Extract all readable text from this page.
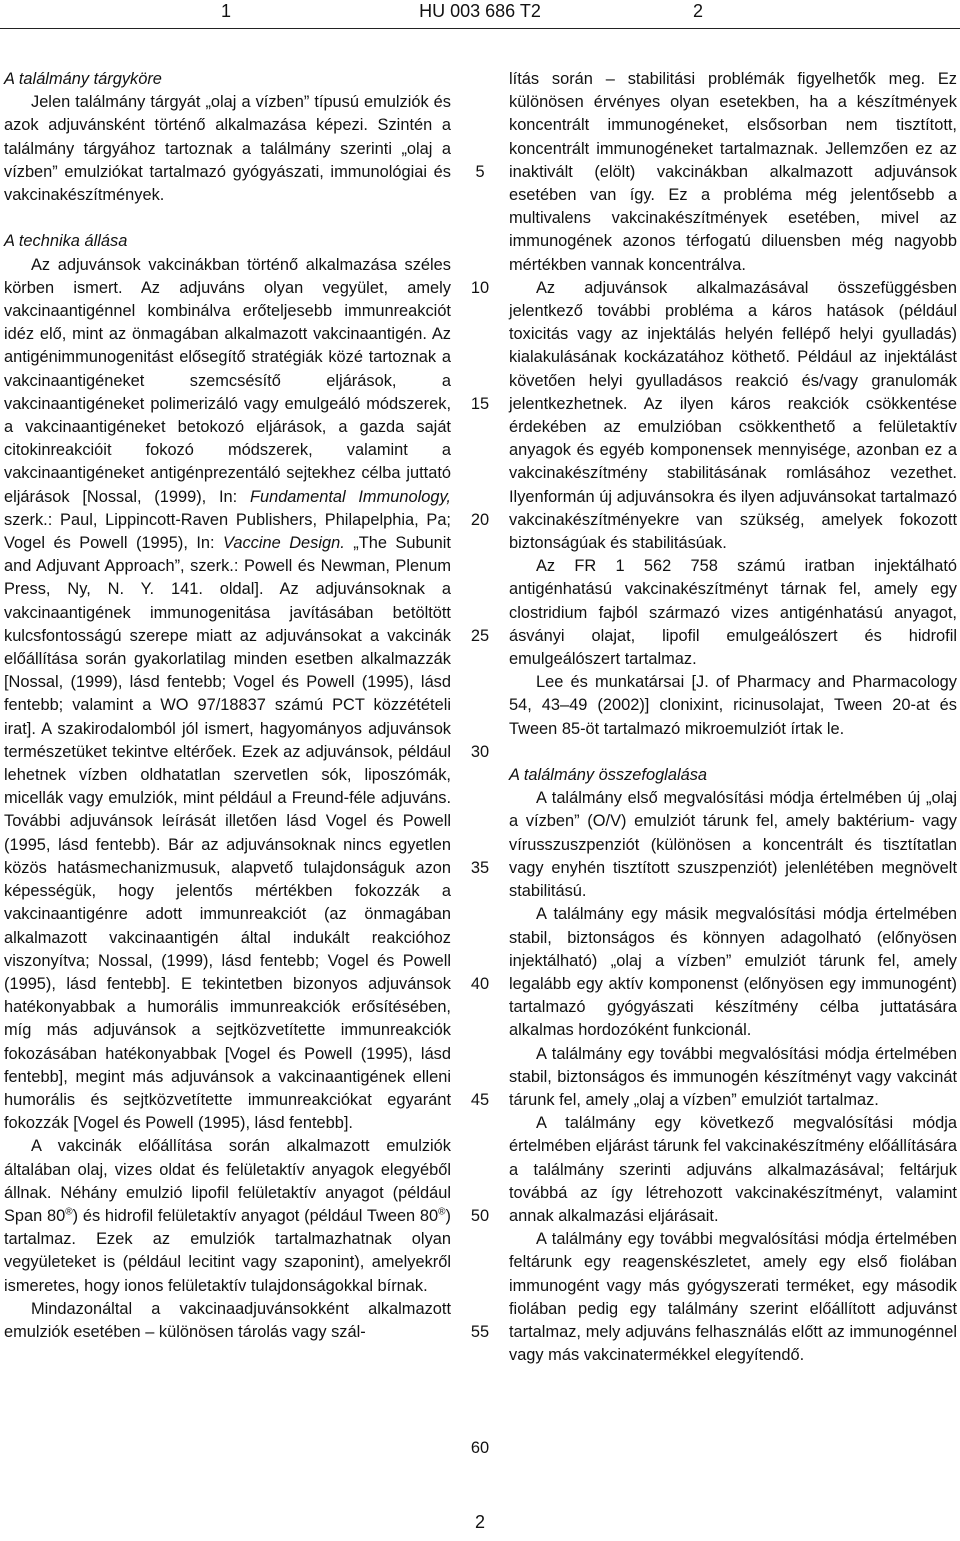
1	HU 003 686 T2	2
A találmány tárgyköre

Jelen találmány tárgyát „olaj a vízben” típusú emulziók és azok adjuvánsként történő alkalmazása képezi. Szintén a találmány tárgyához tartoznak a találmány szerinti „olaj a vízben” emulziókat tartalmazó gyógyászati, immunológiai és vakcinakészítmények.

A technika állása

Az adjuvánsok vakcinákban történő alkalmazása széles körben ismert. Az adjuváns olyan vegyület, amely vakcinaantigénnel kombinálva erőteljesebb immunreakciót idéz elő, mint az önmagában alkalmazott vakcinaantigén. Az antigénimmunogenitást elősegítő stratégiák közé tartoznak a vakcinaantigéneket szemcsésítő eljárások, a vakcinaantigéneket polimerizáló vagy emulgeáló módszerek, a vakcinaantigéneket betokozó eljárások, a gazda saját citokinreakcióit fokozó módszerek, valamint a vakcinaantigéneket antigénprezentáló sejtekhez célba juttató eljárások [Nossal, (1999), In: Fundamental Immunology, szerk.: Paul, Lippincott-Raven Publishers, Philapelphia, Pa; Vogel és Powell (1995), In: Vaccine Design. „The Subunit and Adjuvant Approach”, szerk.: Powell és Newman, Plenum Press, Ny, N. Y. 141. oldal]. Az adjuvánsoknak a vakcinaantigének immunogenitása javításában betöltött kulcsfontosságú szerepe miatt az adjuvánsokat a vakcinák előállítása során gyakorlatilag minden esetben alkalmazzák [Nossal, (1999), lásd fentebb; Vogel és Powell (1995), lásd fentebb; valamint a WO 97/18837 számú PCT közzétételi irat]. A szakirodalomból jól ismert, hagyományos adjuvánsok természetüket tekintve eltérőek. Ezek az adjuvánsok, például lehetnek vízben oldhatatlan szervetlen sók, liposzómák, micellák vagy emulziók, mint például a Freund-féle adjuváns. További adjuvánsok leírását illetően lásd Vogel és Powell (1995, lásd fentebb). Bár az adjuvánsoknak nincs egyetlen közös hatásmechanizmusuk, alapvető tulajdonságuk azon képességük, hogy jelentős mértékben fokozzák a vakcinaantigénre adott immunreakciót (az önmagában alkalmazott vakcinaantigén által indukált reakcióhoz viszonyítva; Nossal, (1999), lásd fentebb; Vogel és Powell (1995), lásd fentebb]. E tekintetben bizonyos adjuvánsok hatékonyabbak a humorális immunreakciók erősítésében, míg más adjuvánsok a sejtközvetítette immunreakciók fokozásában hatékonyabbak [Vogel és Powell (1995), lásd fentebb], megint más adjuvánsok a vakcinaantigének elleni humorális és sejtközvetítette immunreakciókat egyaránt fokozzák [Vogel és Powell (1995), lásd fentebb].

A vakcinák előállítása során alkalmazott emulziók általában olaj, vizes oldat és felületaktív anyagok elegyéből állnak. Néhány emulzió lipofil felületaktív anyagot (például Span 80®) és hidrofil felületaktív anyagot (például Tween 80®) tartalmaz. Ezek az emulziók tartalmazhatnak olyan vegyületeket is (például lecitint vagy szaponint), amelyekről ismeretes, hogy ionos felületaktív tulajdonságokkal bírnak.

Mindazonáltal a vakcinaadjuvánsokként alkalmazott emulziók esetében – különösen tárolás vagy szál-

lítás során – stabilitási problémák figyelhetők meg. Ez különösen érvényes olyan esetekben, ha a készítmények koncentrált immunogéneket, elsősorban nem tisztított, koncentrált immunogéneket tartalmaznak. Jellemzően ez az inaktivált (elölt) vakcinákban alkalmazott adjuvánsok esetében van így. Ez a probléma még jelentősebb a multivalens vakcinakészítmények esetében, mivel az immunogének azonos térfogatú diluensben még nagyobb mértékben vannak koncentrálva.

Az adjuvánsok alkalmazásával összefüggésben jelentkező további probléma a káros hatások (például toxicitás vagy az injektálás helyén fellépő helyi gyulladás) kialakulásának kockázatához köthető. Például az injektálást követően helyi gyulladásos reakció és/vagy granulomák jelentkezhetnek. Az ilyen káros reakciók csökkentése érdekében az emulzióban csökkenthető a felületaktív anyagok és egyéb komponensek mennyisége, azonban ez a vakcinakészítmény stabilitásának romlásához vezethet. Ilyenformán új adjuvánsokra és ilyen adjuvánsokat tartalmazó vakcinakészítményekre van szükség, amelyek fokozott biztonságúak és stabilitásúak.

Az FR 1 562 758 számú iratban injektálható antigénhatású vakcinakészítményt tárnak fel, amely egy clostridium fajból származó vizes antigénhatású anyagot, ásványi olajat, lipofil emulgeálószert és hidrofil emulgeálószert tartalmaz.

Lee és munkatársai [J. of Pharmacy and Pharmacology 54, 43–49 (2002)] clonixint, ricinusolajat, Tween 20-at és Tween 85-öt tartalmazó mikroemulziót írtak le.

A találmány összefoglalása

A találmány első megvalósítási módja értelmében új „olaj a vízben” (O/V) emulziót tárunk fel, amely baktérium- vagy vírusszuszpenziót (különösen a koncentrált és tisztítatlan vagy enyhén tisztított szuszpenziót) jelenlétében megnövelt stabilitású.

A találmány egy másik megvalósítási módja értelmében stabil, biztonságos és könnyen adagolható (előnyösen injektálható) „olaj a vízben” emulziót tárunk fel, amely legalább egy aktív komponenst (előnyösen egy immunogént) tartalmazó gyógyászati készítmény célba juttatására alkalmas hordozóként funkcionál.

A találmány egy további megvalósítási módja értelmében stabil, biztonságos és immunogén készítményt vagy vakcinát tárunk fel, amely „olaj a vízben” emulziót tartalmaz.

A találmány egy következő megvalósítási módja értelmében eljárást tárunk fel vakcinakészítmény előállítására a találmány szerinti adjuváns alkalmazásával; feltárjuk továbbá az így létrehozott vakcinakészítményt, valamint annak alkalmazási eljárásait.

A találmány egy további megvalósítási módja értelmében feltárunk egy reagenskészletet, amely egy első fiolában immunogént vagy más gyógyszerati terméket, egy második fiolában pedig egy találmány szerint előállított adjuvánst tartalmaz, mely adjuváns felhasználás előtt az immunogénnel vagy más vakcinatermékkel elegyítendő.

5
10
15
20
25
30
35
40
45
50
55
60
2
